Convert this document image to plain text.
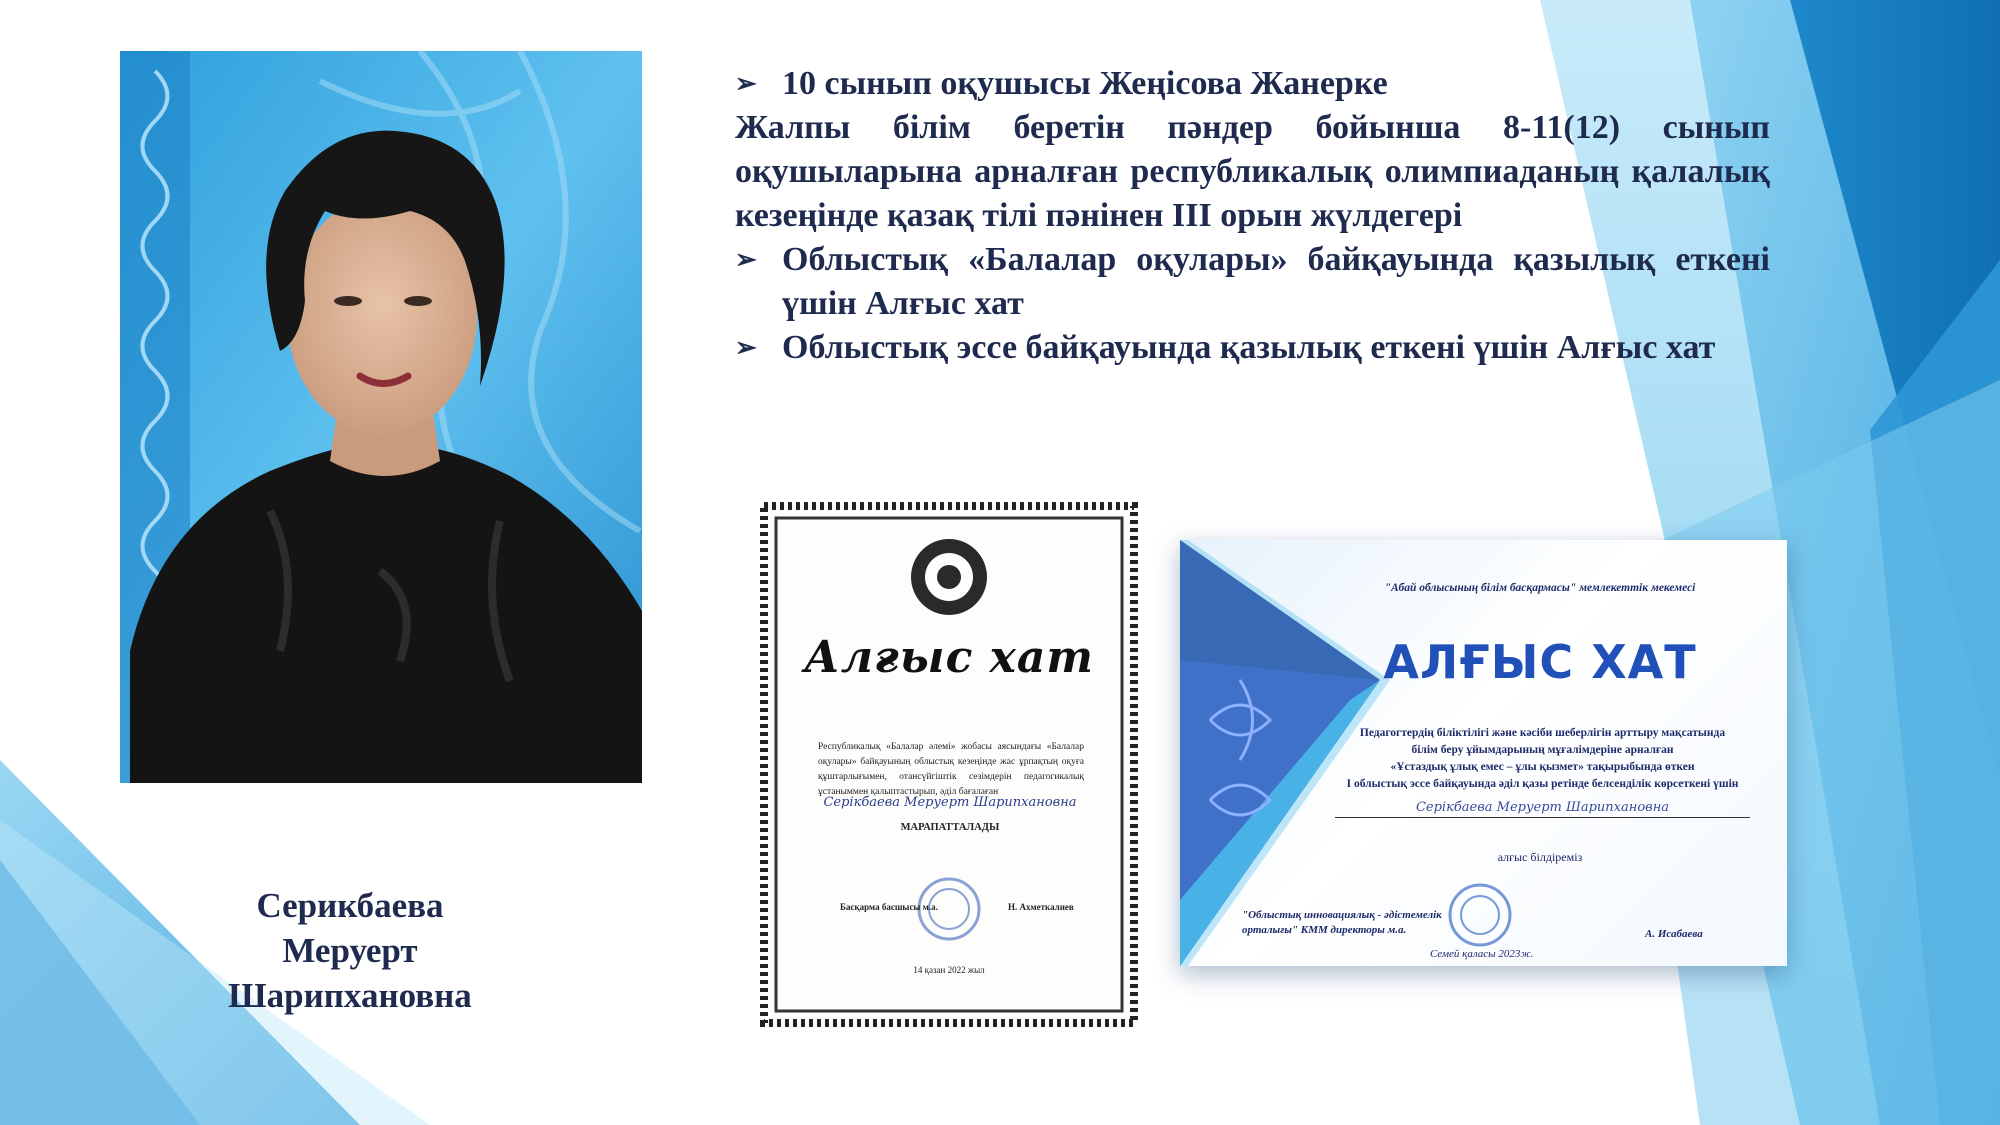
Серикбаева
Меруерт
Шарипхановна
➢ 10 сынып оқушысы Жеңісова Жанерке

Жалпы білім беретін пәндер бойынша 8-11(12) сынып оқушыларына арналған республикалық олимпиаданың қалалық кезеңінде қазақ тілі пәнінен III орын жүлдегері

➢ Облыстық «Балалар оқулары» байқауында қазылық еткені үшін Алғыс хат
➢ Облыстық эссе байқауында қазылық еткені үшін Алғыс хат
Алғыс хат
Республикалық «Балалар әлемі» жобасы аясындағы «Балалар оқулары» байқауының облыстық кезеңінде жас ұрпақтың оқуға құштарлығымен, отансүйгіштік сезімдерін педагогикалық ұстаныммен қалыптастырып, әділ бағалаған
Серікбаева Меруерт Шарипхановна
МАРАПАТТАЛАДЫ
Басқарма басшысы м.а.	Н. Ахметкалиев
14 қазан 2022 жыл
"Абай облысының білім басқармасы" мемлекеттік мекемесі
АЛҒЫС ХАТ
Педагогтердің біліктілігі және кәсіби шеберлігін арттыру мақсатында
білім беру ұйымдарының мұғалімдеріне арналған
«Ұстаздық ұлық емес – ұлы қызмет» тақырыбында өткен
І облыстық эссе байқауында әділ қазы ретінде белсенділік көрсеткені үшін
Серікбаева Меруерт Шарипхановна
алғыс білдіреміз
"Облыстық инновациялық - әдістемелік орталығы" КММ директоры м.а.	А. Исабаева
Семей қаласы 2023ж.
